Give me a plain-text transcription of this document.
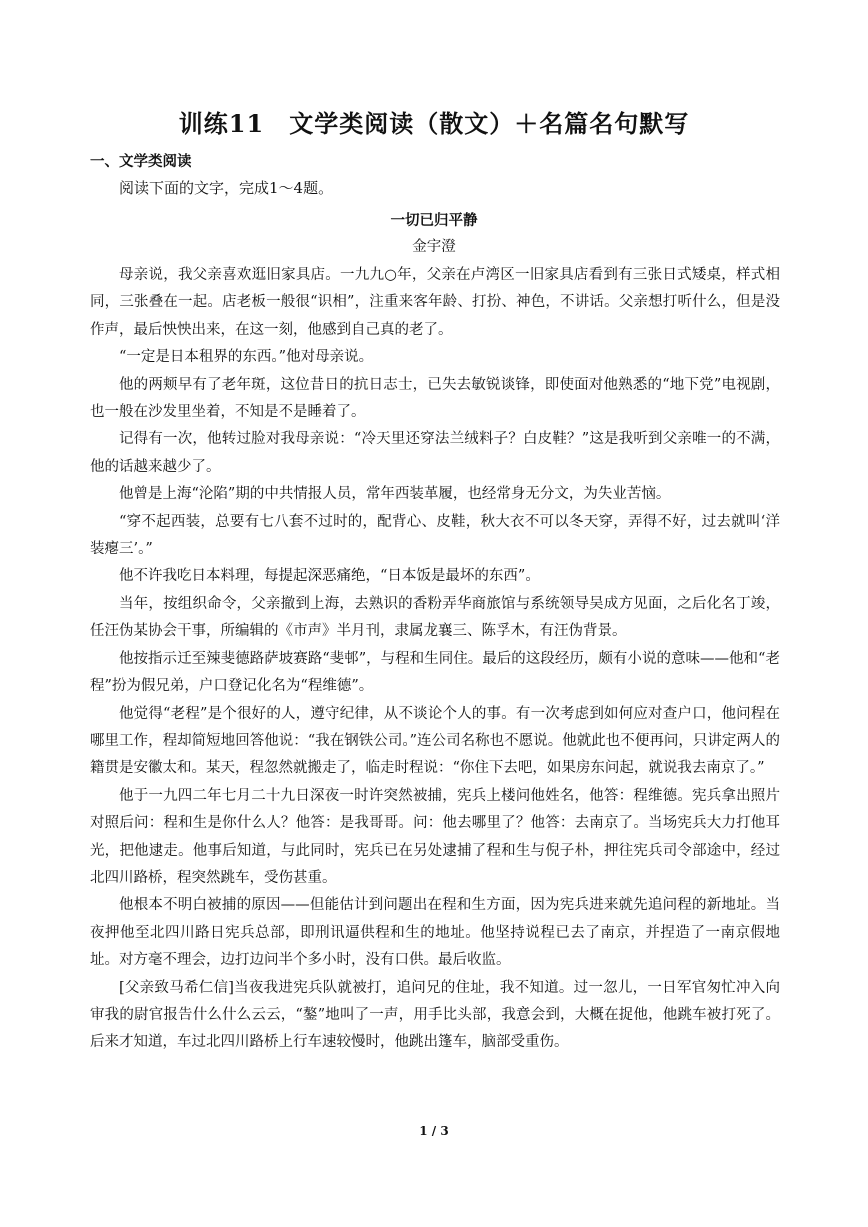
训练11　文学类阅读（散文）＋名篇名句默写
一、文学类阅读
阅读下面的文字，完成1～4题。
一切已归平静
金宇澄

母亲说，我父亲喜欢逛旧家具店。一九九○年，父亲在卢湾区一旧家具店看到有三张日式矮桌，样式相同，三张叠在一起。店老板一般很“识相”，注重来客年龄、打扮、神色，不讲话。父亲想打听什么，但是没作声，最后怏怏出来，在这一刻，他感到自己真的老了。

“一定是日本租界的东西。”他对母亲说。

他的两颊早有了老年斑，这位昔日的抗日志士，已失去敏锐谈锋，即使面对他熟悉的“地下党”电视剧，也一般在沙发里坐着，不知是不是睡着了。

记得有一次，他转过脸对我母亲说：“冷天里还穿法兰绒料子？白皮鞋？”这是我听到父亲唯一的不满，他的话越来越少了。

他曾是上海“沦陷”期的中共情报人员，常年西装革履，也经常身无分文，为失业苦恼。

“穿不起西装，总要有七八套不过时的，配背心、皮鞋，秋大衣不可以冬天穿，弄得不好，过去就叫‘洋装瘪三’。”

他不许我吃日本料理，每提起深恶痛绝，“日本饭是最坏的东西”。

当年，按组织命令，父亲撤到上海，去熟识的香粉弄华商旅馆与系统领导吴成方见面，之后化名丁竣，任汪伪某协会干事，所编辑的《市声》半月刊，隶属龙襄三、陈孚木，有汪伪背景。

他按指示迁至辣斐德路萨坡赛路“斐邨”，与程和生同住。最后的这段经历，颇有小说的意味——他和“老程”扮为假兄弟，户口登记化名为“程维德”。

他觉得“老程”是个很好的人，遵守纪律，从不谈论个人的事。有一次考虑到如何应对查户口，他问程在哪里工作，程却简短地回答他说：“我在钢铁公司。”连公司名称也不愿说。他就此也不便再问，只讲定两人的籍贯是安徽太和。某天，程忽然就搬走了，临走时程说：“你住下去吧，如果房东问起，就说我去南京了。”

他于一九四二年七月二十九日深夜一时许突然被捕，宪兵上楼问他姓名，他答：程维德。宪兵拿出照片对照后问：程和生是你什么人？他答：是我哥哥。问：他去哪里了？他答：去南京了。当场宪兵大力打他耳光，把他逮走。他事后知道，与此同时，宪兵已在另处逮捕了程和生与倪子朴，押往宪兵司令部途中，经过北四川路桥，程突然跳车，受伤甚重。

他根本不明白被捕的原因——但能估计到问题出在程和生方面，因为宪兵进来就先追问程的新地址。当夜押他至北四川路日宪兵总部，即刑讯逼供程和生的地址。他坚持说程已去了南京，并捏造了一南京假地址。对方毫不理会，边打边问半个多小时，没有口供。最后收监。

[父亲致马希仁信]当夜我进宪兵队就被打，追问兄的住址，我不知道。过一忽儿，一日军官匆忙冲入向审我的尉官报告什么什么云云，“鏊”地叫了一声，用手比头部，我意会到，大概在捉他，他跳车被打死了。后来才知道，车过北四川路桥上行车速较慢时，他跳出篷车，脑部受重伤。

1 / 3
